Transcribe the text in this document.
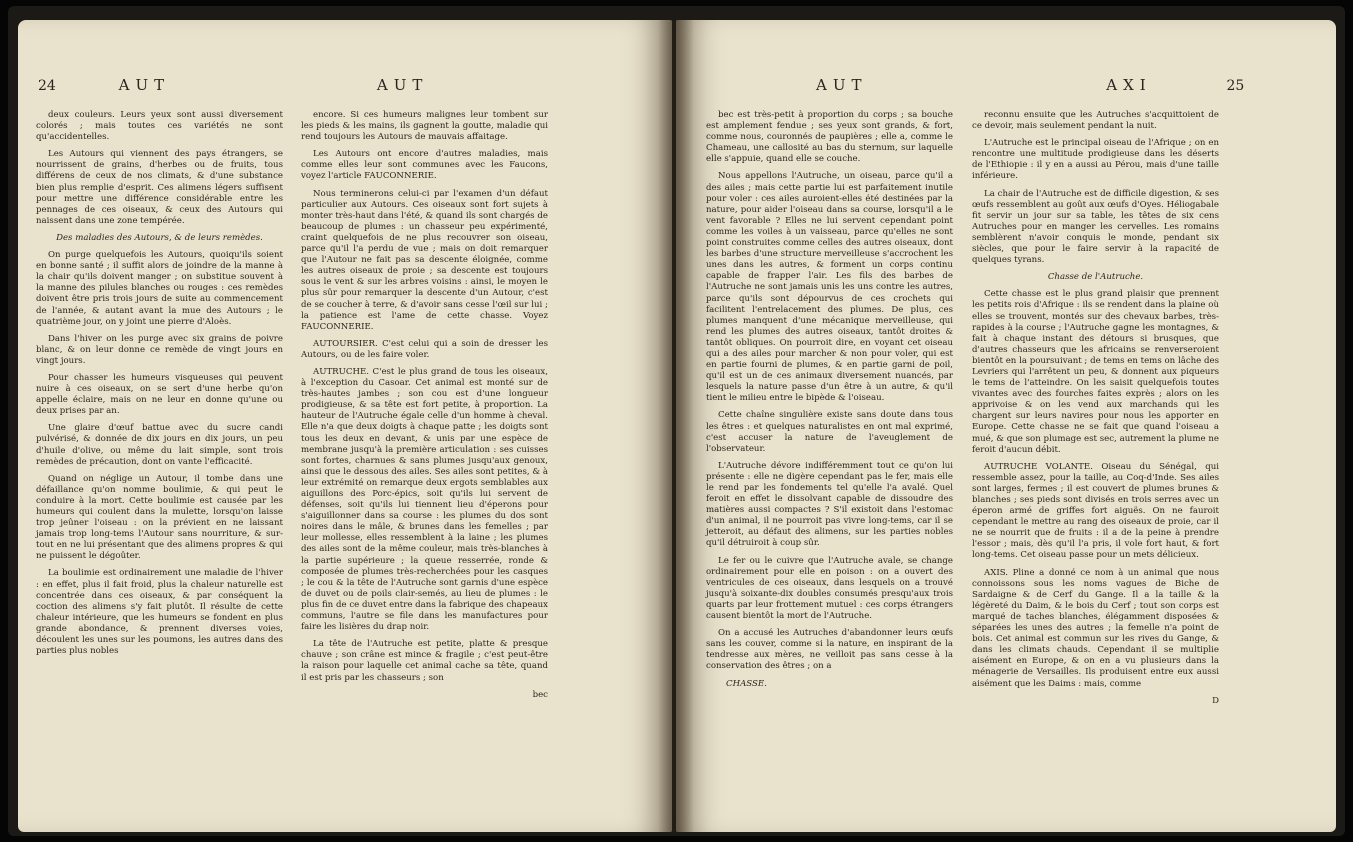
24	AUT	AUT

deux couleurs. Leurs yeux sont aussi diversement colorés ; mais toutes ces variétés ne sont qu'accidentelles.

Les Autours qui viennent des pays étrangers, se nourrissent de grains, d'herbes ou de fruits, tous différens de ceux de nos climats, & d'une substance bien plus remplie d'esprit. Ces alimens légers suffisent pour mettre une différence considérable entre les pennages de ces oiseaux, & ceux des Autours qui naissent dans une zone tempérée.

Des maladies des Autours, & de leurs remèdes.

On purge quelquefois les Autours, quoiqu'ils soient en bonne santé ; il suffit alors de joindre de la manne à la chair qu'ils doivent manger ; on substitue souvent à la manne des pilules blanches ou rouges : ces remèdes doivent être pris trois jours de suite au commencement de l'année, & autant avant la mue des Autours ; le quatrième jour, on y joint une pierre d'Aloès.

Dans l'hiver on les purge avec six grains de poivre blanc, & on leur donne ce remède de vingt jours en vingt jours.

Pour chasser les humeurs visqueuses qui peuvent nuire à ces oiseaux, on se sert d'une herbe qu'on appelle éclaire, mais on ne leur en donne qu'une ou deux prises par an.

Une glaire d'œuf battue avec du sucre candi pulvérisé, & donnée de dix jours en dix jours, un peu d'huile d'olive, ou même du lait simple, sont trois remèdes de précaution, dont on vante l'efficacité.

Quand on néglige un Autour, il tombe dans une défaillance qu'on nomme boulimie, & qui peut le conduire à la mort. Cette boulimie est causée par les humeurs qui coulent dans la mulette, lorsqu'on laisse trop jeûner l'oiseau : on la prévient en ne laissant jamais trop long-tems l'Autour sans nourriture, & sur-tout en ne lui présentant que des alimens propres & qui ne puissent le dégoûter.

La boulimie est ordinairement une maladie de l'hiver : en effet, plus il fait froid, plus la chaleur naturelle est concentrée dans ces oiseaux, & par conséquent la coction des alimens s'y fait plutôt. Il résulte de cette chaleur intérieure, que les humeurs se fondent en plus grande abondance, & prennent diverses voies, découlent les unes sur les poumons, les autres dans des parties plus nobles

encore. Si ces humeurs malignes leur tombent sur les pieds & les mains, ils gagnent la goutte, maladie qui rend toujours les Autours de mauvais affaitage.

Les Autours ont encore d'autres maladies, mais comme elles leur sont communes avec les Faucons, voyez l'article FAUCONNERIE.

Nous terminerons celui-ci par l'examen d'un défaut particulier aux Autours. Ces oiseaux sont fort sujets à monter très-haut dans l'été, & quand ils sont chargés de beaucoup de plumes : un chasseur peu expérimenté, craint quelquefois de ne plus recouvrer son oiseau, parce qu'il l'a perdu de vue ; mais on doit remarquer que l'Autour ne fait pas sa descente éloignée, comme les autres oiseaux de proie ; sa descente est toujours sous le vent & sur les arbres voisins : ainsi, le moyen le plus sûr pour remarquer la descente d'un Autour, c'est de se coucher à terre, & d'avoir sans cesse l'œil sur lui ; la patience est l'ame de cette chasse. Voyez FAUCONNERIE.

AUTOURSIER. C'est celui qui a soin de dresser les Autours, ou de les faire voler.

AUTRUCHE. C'est le plus grand de tous les oiseaux, à l'exception du Casoar. Cet animal est monté sur de très-hautes jambes ; son cou est d'une longueur prodigieuse, & sa tête est fort petite, à proportion. La hauteur de l'Autruche égale celle d'un homme à cheval. Elle n'a que deux doigts à chaque patte ; les doigts sont tous les deux en devant, & unis par une espèce de membrane jusqu'à la première articulation : ses cuisses sont fortes, charnues & sans plumes jusqu'aux genoux, ainsi que le dessous des ailes. Ses ailes sont petites, & à leur extrémité on remarque deux ergots semblables aux aiguillons des Porc-épics, soit qu'ils lui servent de défenses, soit qu'ils lui tiennent lieu d'éperons pour s'aiguillonner dans sa course : les plumes du dos sont noires dans le mâle, & brunes dans les femelles ; par leur mollesse, elles ressemblent à la laine ; les plumes des ailes sont de la même couleur, mais très-blanches à la partie supérieure ; la queue resserrée, ronde & composée de plumes très-recherchées pour les casques ; le cou & la tête de l'Autruche sont garnis d'une espèce de duvet ou de poils clair-semés, au lieu de plumes : le plus fin de ce duvet entre dans la fabrique des chapeaux communs, l'autre se file dans les manufactures pour faire les lisières du drap noir.

La tête de l'Autruche est petite, platte & presque chauve ; son crâne est mince & fragile ; c'est peut-être la raison pour laquelle cet animal cache sa tête, quand il est pris par les chasseurs ; son

bec
AUT	AXI	25

bec est très-petit à proportion du corps ; sa bouche est amplement fendue ; ses yeux sont grands, & fort, comme nous, couronnés de paupières ; elle a, comme le Chameau, une callosité au bas du sternum, sur laquelle elle s'appuie, quand elle se couche.

Nous appellons l'Autruche, un oiseau, parce qu'il a des ailes ; mais cette partie lui est parfaitement inutile pour voler : ces ailes auroient-elles été destinées par la nature, pour aider l'oiseau dans sa course, lorsqu'il a le vent favorable ? Elles ne lui servent cependant point comme les voiles à un vaisseau, parce qu'elles ne sont point construites comme celles des autres oiseaux, dont les barbes d'une structure merveilleuse s'accrochent les unes dans les autres, & forment un corps continu capable de frapper l'air. Les fils des barbes de l'Autruche ne sont jamais unis les uns contre les autres, parce qu'ils sont dépourvus de ces crochets qui facilitent l'entrelacement des plumes. De plus, ces plumes manquent d'une mécanique merveilleuse, qui rend les plumes des autres oiseaux, tantôt droites & tantôt obliques. On pourroit dire, en voyant cet oiseau qui a des ailes pour marcher & non pour voler, qui est en partie fourni de plumes, & en partie garni de poil, qu'il est un de ces animaux diversement nuancés, par lesquels la nature passe d'un être à un autre, & qu'il tient le milieu entre le bipède & l'oiseau.

Cette chaîne singulière existe sans doute dans tous les êtres : et quelques naturalistes en ont mal exprimé, c'est accuser la nature de l'aveuglement de l'observateur.

L'Autruche dévore indifféremment tout ce qu'on lui présente : elle ne digère cependant pas le fer, mais elle le rend par les fondements tel qu'elle l'a avalé. Quel feroit en effet le dissolvant capable de dissoudre des matières aussi compactes ? S'il existoit dans l'estomac d'un animal, il ne pourroit pas vivre long-tems, car il se jetteroit, au défaut des alimens, sur les parties nobles qu'il détruiroit à coup sûr.

Le fer ou le cuivre que l'Autruche avale, se change ordinairement pour elle en poison : on a ouvert des ventricules de ces oiseaux, dans lesquels on a trouvé jusqu'à soixante-dix doubles consumés presqu'aux trois quarts par leur frottement mutuel : ces corps étrangers causent bientôt la mort de l'Autruche.

On a accusé les Autruches d'abandonner leurs œufs sans les couver, comme si la nature, en inspirant de la tendresse aux mères, ne veilloit pas sans cesse à la conservation des êtres ; on a

CHASSE.

reconnu ensuite que les Autruches s'acquittoient de ce devoir, mais seulement pendant la nuit.

L'Autruche est le principal oiseau de l'Afrique ; on en rencontre une multitude prodigieuse dans les déserts de l'Ethiopie : il y en a aussi au Pérou, mais d'une taille inférieure.

La chair de l'Autruche est de difficile digestion, & ses œufs ressemblent au goût aux œufs d'Oyes. Héliogabale fit servir un jour sur sa table, les têtes de six cens Autruches pour en manger les cervelles. Les romains semblèrent n'avoir conquis le monde, pendant six siècles, que pour le faire servir à la rapacité de quelques tyrans.

Chasse de l'Autruche.

Cette chasse est le plus grand plaisir que prennent les petits rois d'Afrique : ils se rendent dans la plaine où elles se trouvent, montés sur des chevaux barbes, très-rapides à la course ; l'Autruche gagne les montagnes, & fait à chaque instant des détours si brusques, que d'autres chasseurs que les africains se renverseroient bientôt en la poursuivant ; de tems en tems on lâche des Levriers qui l'arrêtent un peu, & donnent aux piqueurs le tems de l'atteindre. On les saisit quelquefois toutes vivantes avec des fourches faites exprès ; alors on les apprivoise & on les vend aux marchands qui les chargent sur leurs navires pour nous les apporter en Europe. Cette chasse ne se fait que quand l'oiseau a mué, & que son plumage est sec, autrement la plume ne feroit d'aucun débit.

AUTRUCHE VOLANTE. Oiseau du Sénégal, qui ressemble assez, pour la taille, au Coq-d'Inde. Ses ailes sont larges, fermes ; il est couvert de plumes brunes & blanches ; ses pieds sont divisés en trois serres avec un éperon armé de griffes fort aiguës. On ne fauroit cependant le mettre au rang des oiseaux de proie, car il ne se nourrit que de fruits : il a de la peine à prendre l'essor ; mais, dès qu'il l'a pris, il vole fort haut, & fort long-tems. Cet oiseau passe pour un mets délicieux.

AXIS. Pline a donné ce nom à un animal que nous connoissons sous les noms vagues de Biche de Sardaigne & de Cerf du Gange. Il a la taille & la légèreté du Daim, & le bois du Cerf ; tout son corps est marqué de taches blanches, élégamment disposées & séparées les unes des autres ; la femelle n'a point de bois. Cet animal est commun sur les rives du Gange, & dans les climats chauds. Cependant il se multiplie aisément en Europe, & on en a vu plusieurs dans la ménagerie de Versailles. Ils produisent entre eux aussi aisément que les Daims : mais, comme

D
